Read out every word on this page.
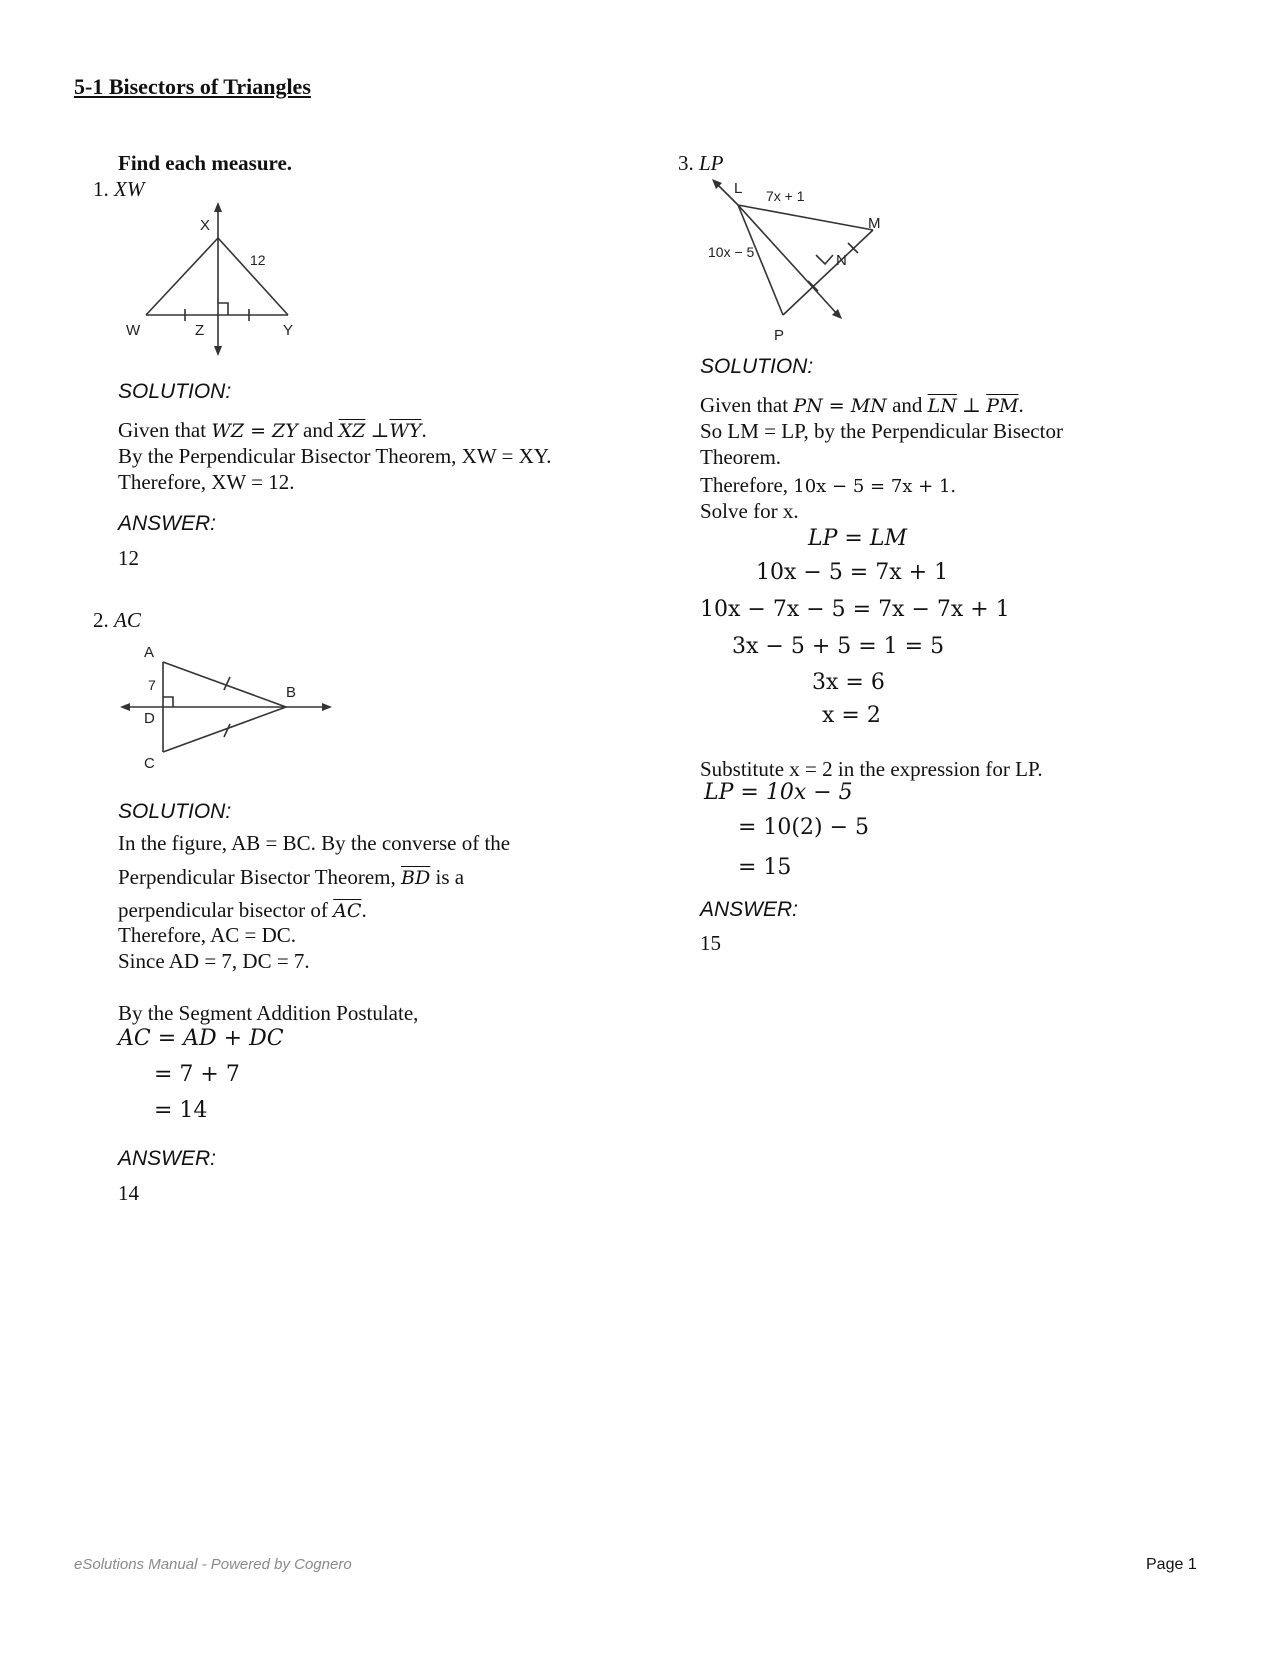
5-1 Bisectors of Triangles
Find each measure.
1. XW
X
W	Z	Y
12
SOLUTION:
Given that WZ = ZY and $\overline{XZ}$ $\perp\overline{WY}$.
By the Perpendicular Bisector Theorem, XW = XY.
Therefore, XW = 12.
ANSWER:
12
2. AC
A
7	B
D
C
SOLUTION:
In the figure, AB = BC. By the converse of the
Perpendicular Bisector Theorem, $\overline{BD}$ is a
perpendicular bisector of $\overline{AC}$.
Therefore, AC = DC.
Since AD = 7, DC = 7.
By the Segment Addition Postulate,
AC = AD + DC
= 7 + 7
= 14
ANSWER:
14
3. LP
L 7x + 1
M
10x − 5	N
P
SOLUTION:
Given that PN = MN and $\overline{LN}$ ⊥ $\overline{PM}$.
So LM = LP, by the Perpendicular Bisector
Theorem.
Therefore, 10x − 5 = 7x + 1.
Solve for x.
LP = LM
10x − 5 = 7x + 1
10x − 7x − 5 = 7x − 7x + 1
3x − 5 + 5 = 1 = 5
3x = 6
x = 2
Substitute x = 2 in the expression for LP.
LP = 10x − 5
= 10(2) − 5
= 15
ANSWER:
15
eSolutions Manual - Powered by Cognero	Page 1
